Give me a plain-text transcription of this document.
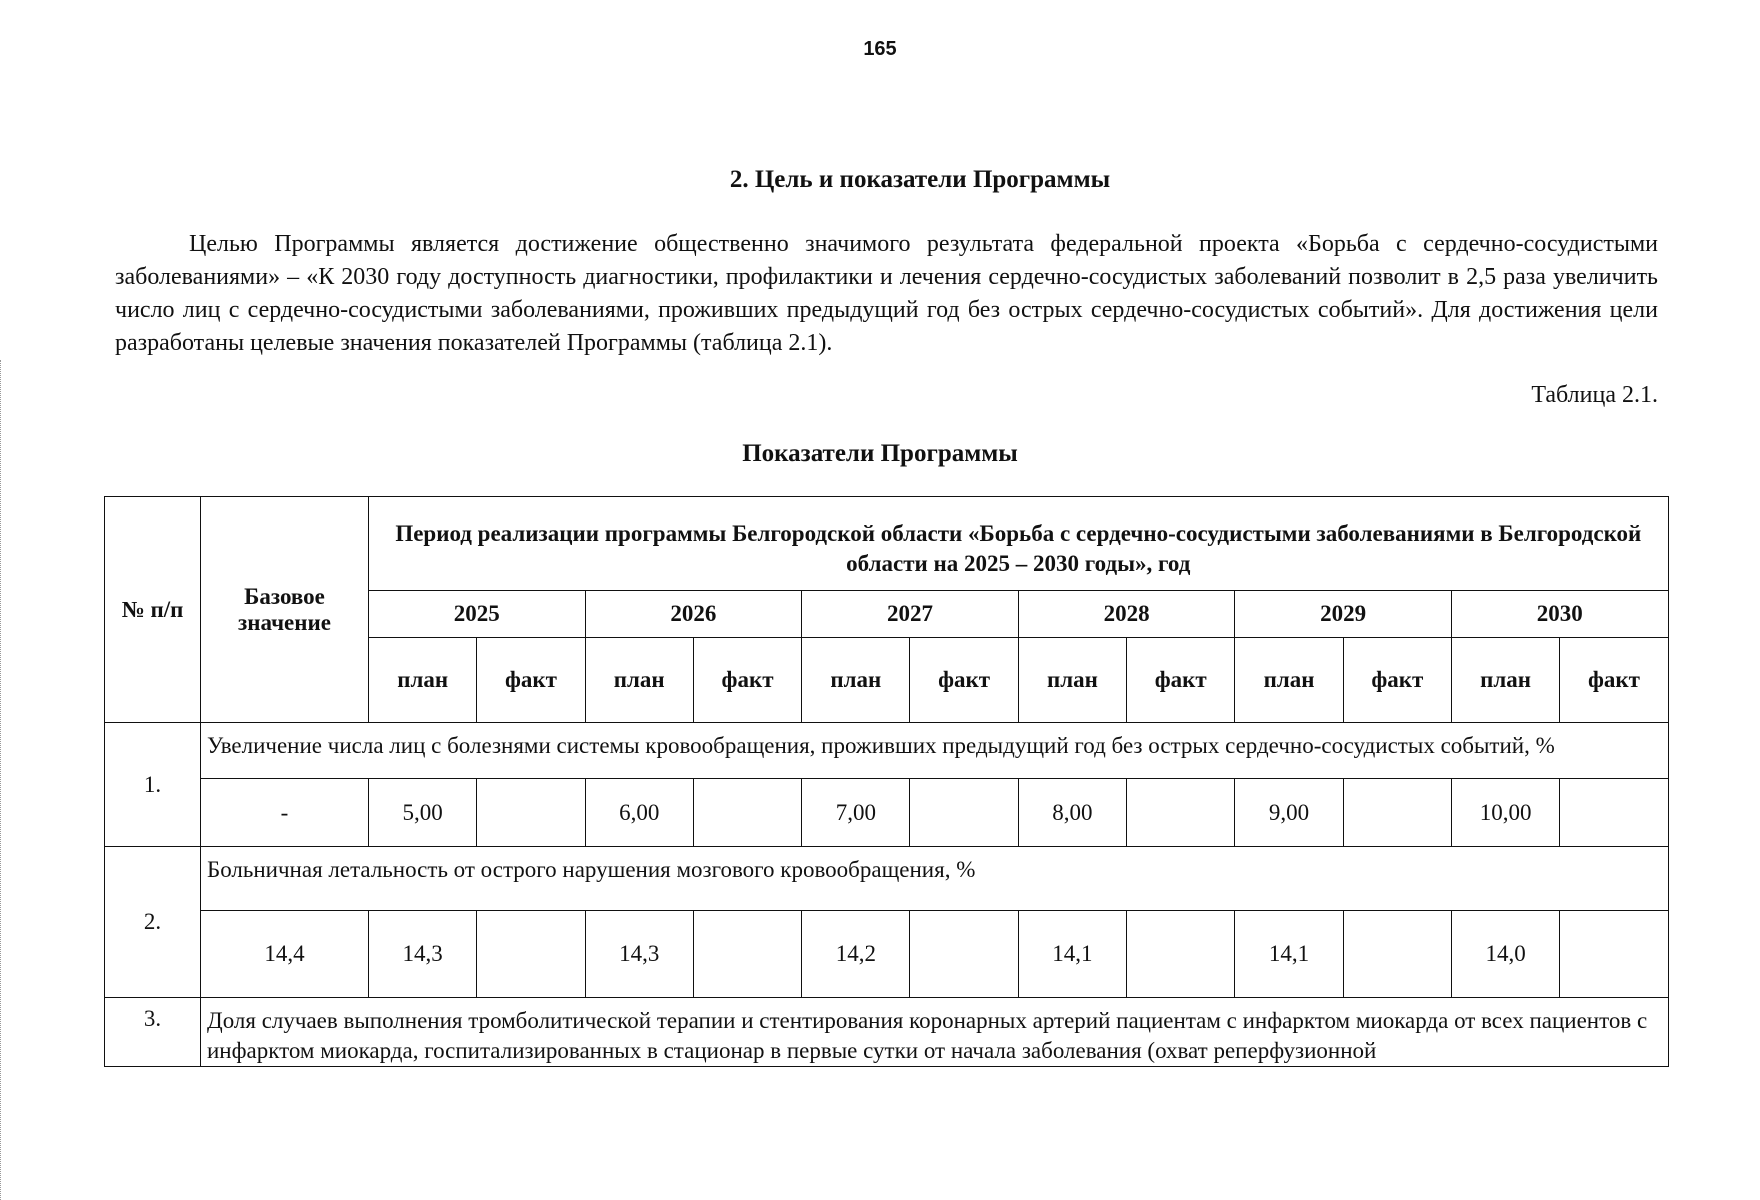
165
2. Цель и показатели Программы

Целью Программы является достижение общественно значимого результата федеральной проекта «Борьба с сердечно-сосудистыми заболеваниями» – «К 2030 году доступность диагностики, профилактики и лечения сердечно-сосудистых заболеваний позволит в 2,5 раза увеличить число лиц с сердечно-сосудистыми заболеваниями, проживших предыдущий год без острых сердечно-сосудистых событий». Для достижения цели разработаны целевые значения показателей Программы (таблица 2.1).

Таблица 2.1.
Показатели Программы
№ п/п	Базовое значение	Период реализации программы Белгородской области «Борьба с сердечно-сосудистыми заболеваниями в Белгородской области на 2025 – 2030 годы», год											
		2025		2026		2027		2028		2029		2030	
		план	факт	план	факт	план	факт	план	факт	план	факт	план	факт
1.	Увеличение числа лиц с болезнями системы кровообращения, проживших предыдущий год без острых сердечно-сосудистых событий, %												
	-	5,00		6,00		7,00		8,00		9,00		10,00	
2.	Больничная летальность от острого нарушения мозгового кровообращения, %												
	14,4	14,3		14,3		14,2		14,1		14,1		14,0	
3.	Доля случаев выполнения тромболитической терапии и стентирования коронарных артерий пациентам с инфарктом миокарда от всех пациентов с инфарктом миокарда, госпитализированных в стационар в первые сутки от начала заболевания (охват реперфузионной												
